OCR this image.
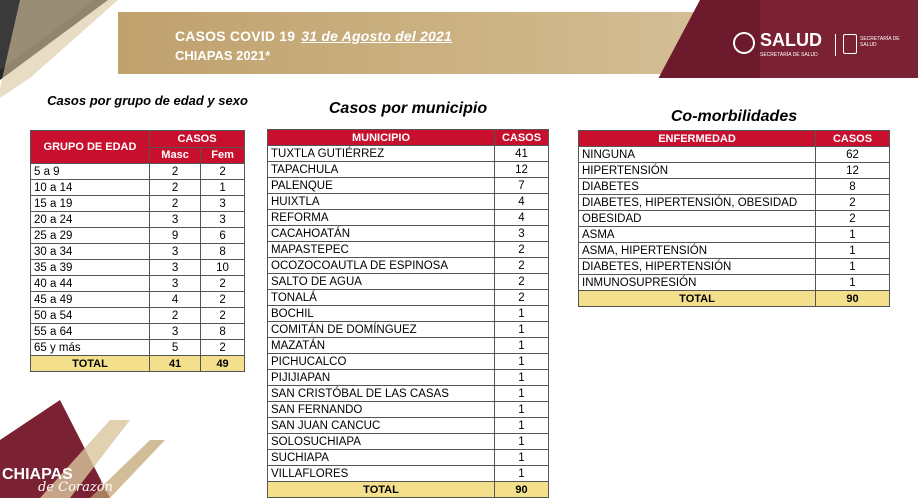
CASOS COVID 19 31 de Agosto del 2021
CHIAPAS 2021*
SALUD
SECRETARÍA DE SALUD
SECRETARÍA DE SALUD
Casos por grupo de edad y sexo
GRUPO DE EDAD	CASOS	
	Masc	Fem
5 a 9	2	2
10 a 14	2	1
15 a 19	2	3
20 a 24	3	3
25 a 29	9	6
30 a 34	3	8
35 a 39	3	10
40 a 44	3	2
45 a 49	4	2
50 a 54	2	2
55 a 64	3	8
65 y más	5	2
TOTAL	41	49
Casos por municipio
MUNICIPIO	CASOS
TUXTLA GUTIÉRREZ	41
TAPACHULA	12
PALENQUE	7
HUIXTLA	4
REFORMA	4
CACAHOATÁN	3
MAPASTEPEC	2
OCOZOCOAUTLA DE ESPINOSA	2
SALTO DE AGUA	2
TONALÁ	2
BOCHIL	1
COMITÁN DE DOMÍNGUEZ	1
MAZATÁN	1
PICHUCALCO	1
PIJIJIAPAN	1
SAN CRISTÓBAL DE LAS CASAS	1
SAN FERNANDO	1
SAN JUAN CANCUC	1
SOLOSUCHIAPA	1
SUCHIAPA	1
VILLAFLORES	1
TOTAL	90
Co-morbilidades
ENFERMEDAD	CASOS
NINGUNA	62
HIPERTENSIÓN	12
DIABETES	8
DIABETES, HIPERTENSIÓN, OBESIDAD	2
OBESIDAD	2
ASMA	1
ASMA, HIPERTENSIÓN	1
DIABETES, HIPERTENSIÓN	1
INMUNOSUPRESIÓN	1
TOTAL	90
CHIAPAS
de Corazón
